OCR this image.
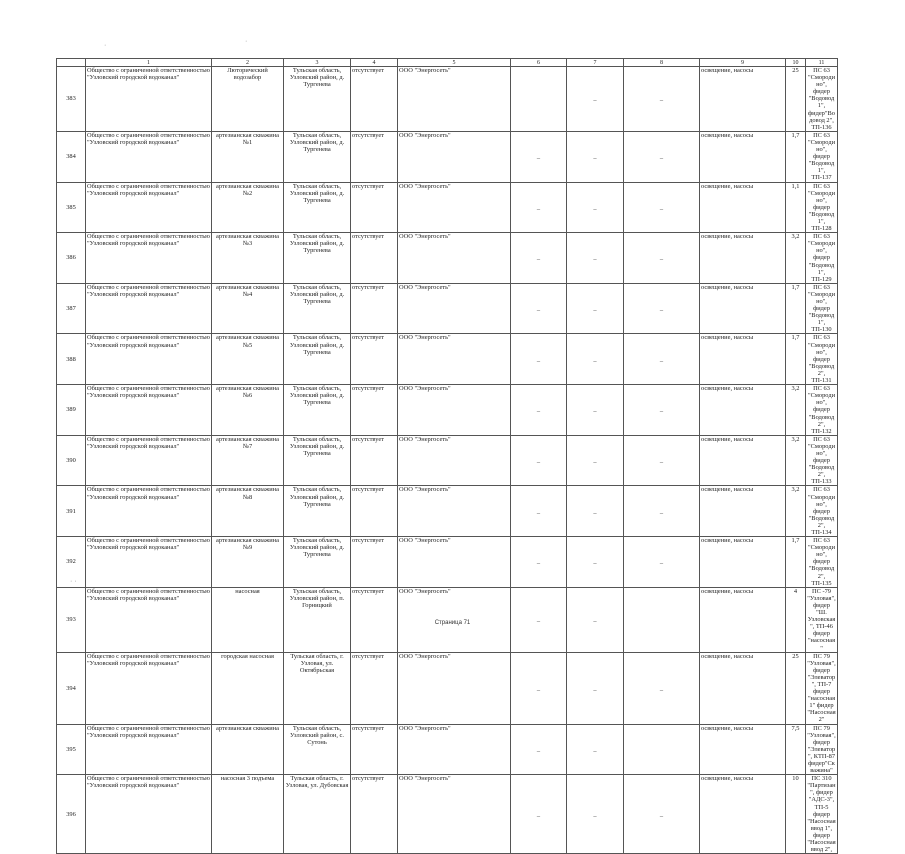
	1	2	3	4	5	6	7	8	9	10	11
383	Общество с ограниченной ответственностью "Узловский городской водоканал"	Люторический водозабор	Тульская область, Узловский район, д. Тургенева	отсутствует	ООО "Энергосеть"		–	–	освещение, насосы	25	ПС 63 "Смородино", фидер "Водовод 1", фидер"Водовод 2", ТП-136
384	Общество с ограниченной ответственностью "Узловский городской водоканал"	артезианская скважина №1	Тульская область, Узловский район, д. Тургенева	отсутствует	ООО "Энергосеть"	–	–	–	освещение, насосы	1,7	ПС 63 "Смородино", фидер "Водовод 1", ТП-137
385	Общество с ограниченной ответственностью "Узловский городской водоканал"	артезианская скважина №2	Тульская область, Узловский район, д. Тургенева	отсутствует	ООО "Энергосеть"	–	–	–	освещение, насосы	1,1	ПС 63 "Смородино", фидер "Водовод 1", ТП-128
386	Общество с ограниченной ответственностью "Узловский городской водоканал"	артезианская скважина №3	Тульская область, Узловский район, д. Тургенева	отсутствует	ООО "Энергосеть"	–	–	–	освещение, насосы	3,2	ПС 63 "Смородино", фидер "Водовод 1", ТП-129
387	Общество с ограниченной ответственностью "Узловский городской водоканал"	артезианская скважина №4	Тульская область, Узловский район, д. Тургенева	отсутствует	ООО "Энергосеть"	–	–	–	освещение, насосы	1,7	ПС 63 "Смородино", фидер "Водовод 1", ТП-130
388	Общество с ограниченной ответственностью "Узловский городской водоканал"	артезианская скважина №5	Тульская область, Узловский район, д. Тургенева	отсутствует	ООО "Энергосеть"	–	–	–	освещение, насосы	1,7	ПС 63 "Смородино", фидер "Водовод 2", ТП-131
389	Общество с ограниченной ответственностью "Узловский городской водоканал"	артезианская скважина №6	Тульская область, Узловский район, д. Тургенева	отсутствует	ООО "Энергосеть"	–	–	–	освещение, насосы	3,2	ПС 63 "Смородино", фидер "Водовод 2", ТП-132
390	Общество с ограниченной ответственностью "Узловский городской водоканал"	артезианская скважина №7	Тульская область, Узловский район, д. Тургенева	отсутствует	ООО "Энергосеть"	–	–	–	освещение, насосы	3,2	ПС 63 "Смородино", фидер "Водовод 2", ТП-133
391	Общество с ограниченной ответственностью "Узловский городской водоканал"	артезианская скважина №8	Тульская область, Узловский район, д. Тургенева	отсутствует	ООО "Энергосеть"	–	–	–	освещение, насосы	3,2	ПС 63 "Смородино", фидер "Водовод 2", ТП-134
392	Общество с ограниченной ответственностью "Узловский городской водоканал"	артезианская скважина №9	Тульская область, Узловский район, д. Тургенева	отсутствует	ООО "Энергосеть"	–	–	–	освещение, насосы	1,7	ПС 63 "Смородино", фидер "Водовод 2", ТП-135
393	Общество с ограниченной ответственностью "Узловский городской водоканал"	насосная	Тульская область, Узловский район, п. Горницкий	отсутствует	ООО "Энергосеть"	–	–		освещение, насосы	4	ПС -79 "Узловая", фидер "Ш. Узловская", ТП-46 фидер "насосная"
394	Общество с ограниченной ответственностью "Узловский городской водоканал"	городская насосная	Тульская область, г. Узловая, ул. Октябрьская	отсутствует	ООО "Энергосеть"	–	–	–	освещение, насосы	25	ПС 79 "Узловая", фидер "Элеватор", ТП-7 фидер "насосная 1" фидер "Насосная 2"
395	Общество с ограниченной ответственностью "Узловский городской водоканал"	артезианская скважина	Тульская область, Узловский район, с. Сутонь	отсутствует	ООО "Энергосеть"	–	–		освещение, насосы	7,5	ПС 79 "Узловая", фидер "Элеватор", КТП-87 фидер"Скважина"
396	Общество с ограниченной ответственностью "Узловский городской водоканал"	насосная 3 подъема	Тульская область, г. Узловая, ул. Дубовская	отсутствует	ООО "Энергосеть"	–	–	–	освещение, насосы	10	ПС 310 "Партизан", фидер "АДС-3", ТП-5 фидер "Насосная ввод 1", фидер "Насосная ввод 2",
Страница 71
·
· ·
·
